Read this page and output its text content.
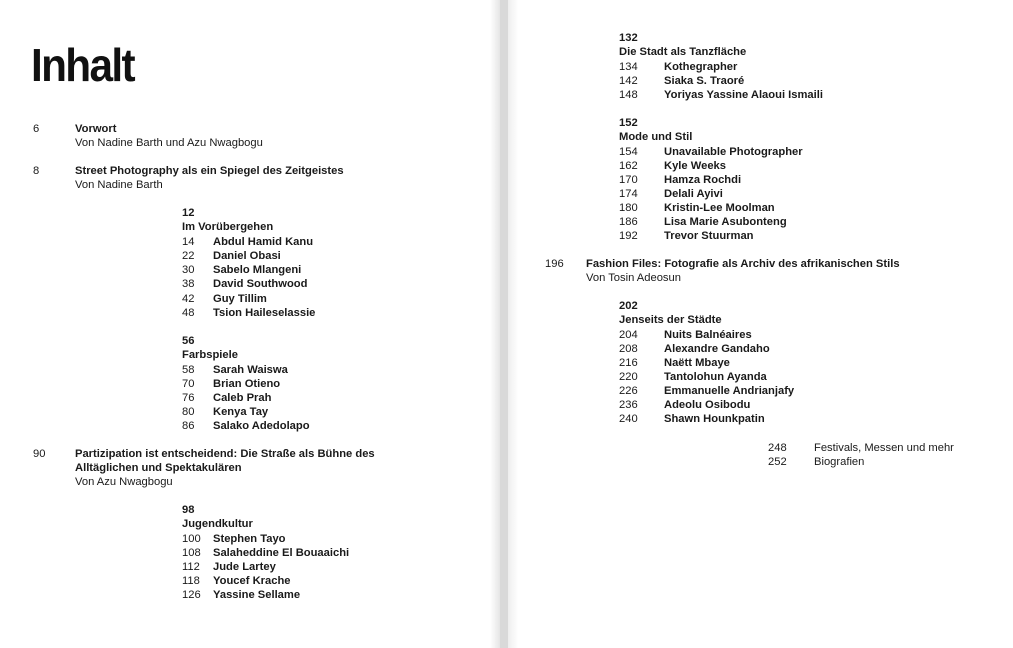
Inhalt
6	Vorwort
Von Nadine Barth und Azu Nwagbogu
8	Street Photography als ein Spiegel des Zeitgeistes
Von Nadine Barth
12
Im Vorübergehen
14 Abdul Hamid Kanu
22 Daniel Obasi
30 Sabelo Mlangeni
38 David Southwood
42 Guy Tillim
48 Tsion Haileselassie
56
Farbspiele
58 Sarah Waiswa
70 Brian Otieno
76 Caleb Prah
80 Kenya Tay
86 Salako Adedolapo
90	Partizipation ist entscheidend: Die Straße als Bühne des
Alltäglichen und Spektakulären
Von Azu Nwagbogu
98
Jugendkultur
100 Stephen Tayo
108 Salaheddine El Bouaaichi
112 Jude Lartey
118 Youcef Krache
126 Yassine Sellame
132
Die Stadt als Tanzfläche
134 Kothegrapher
142 Siaka S. Traoré
148 Yoriyas Yassine Alaoui Ismaili
152
Mode und Stil
154 Unavailable Photographer
162 Kyle Weeks
170 Hamza Rochdi
174 Delali Ayivi
180 Kristin-Lee Moolman
186 Lisa Marie Asubonteng
192 Trevor Stuurman
196	Fashion Files: Fotografie als Archiv des afrikanischen Stils
Von Tosin Adeosun
202
Jenseits der Städte
204 Nuits Balnéaires
208 Alexandre Gandaho
216 Naëtt Mbaye
220 Tantolohun Ayanda
226 Emmanuelle Andrianjafy
236 Adeolu Osibodu
240 Shawn Hounkpatin
248 Festivals, Messen und mehr
252 Biografien
